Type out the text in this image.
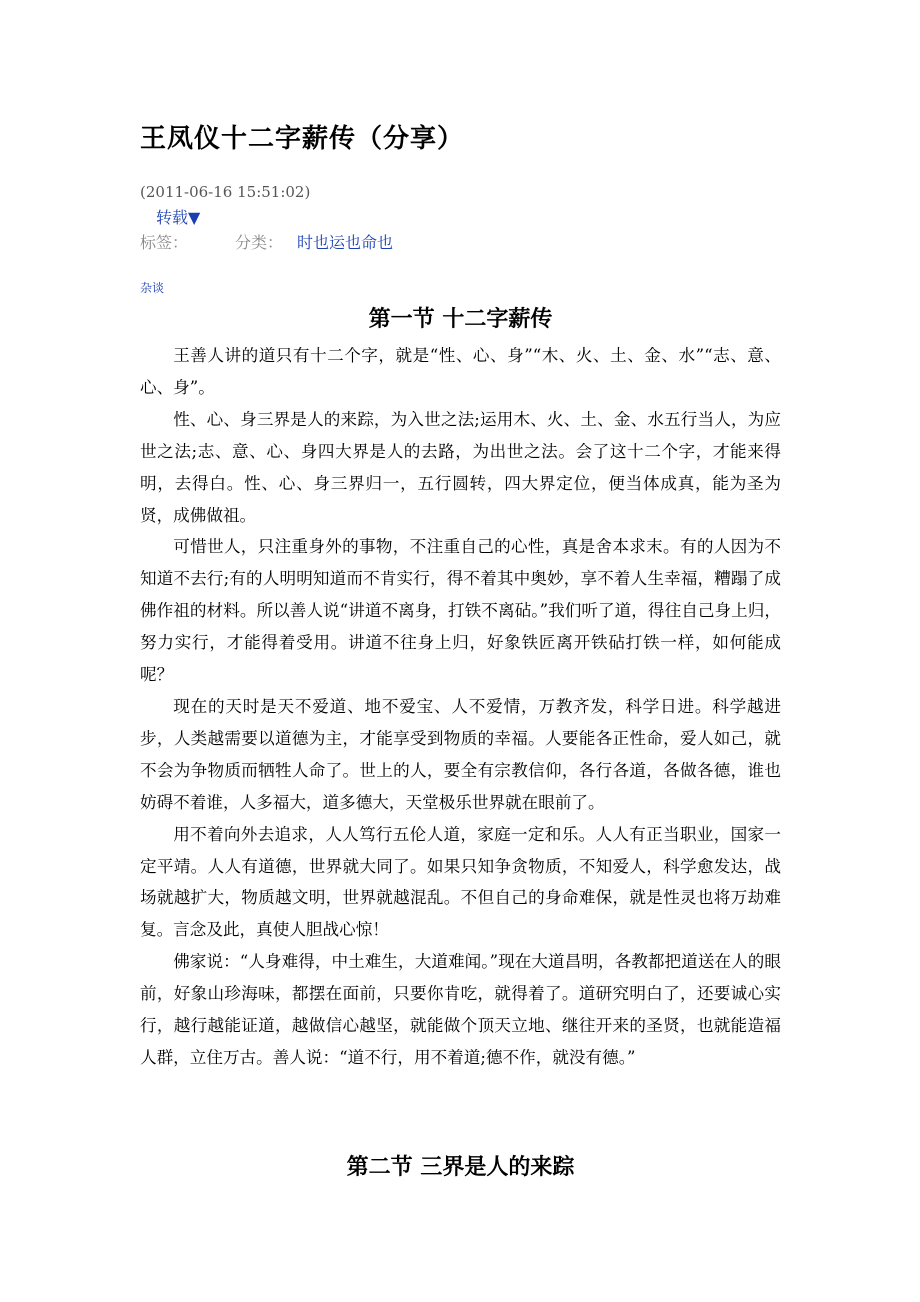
王凤仪十二字薪传（分享）
(2011-06-16 15:51:02)
转载▼
标签：	分类： 时也运也命也
杂谈
第一节 十二字薪传

王善人讲的道只有十二个字，就是“性、心、身”“木、火、土、金、水”“志、意、心、身”。

性、心、身三界是人的来踪，为入世之法;运用木、火、土、金、水五行当人，为应世之法;志、意、心、身四大界是人的去路，为出世之法。会了这十二个字，才能来得明，去得白。性、心、身三界归一，五行圆转，四大界定位，便当体成真，能为圣为贤，成佛做祖。

可惜世人，只注重身外的事物，不注重自己的心性，真是舍本求末。有的人因为不知道不去行;有的人明明知道而不肯实行，得不着其中奥妙，享不着人生幸福，糟蹋了成佛作祖的材料。所以善人说“讲道不离身，打铁不离砧。”我们听了道，得往自己身上归，努力实行，才能得着受用。讲道不往身上归，好象铁匠离开铁砧打铁一样，如何能成呢？

现在的天时是天不爱道、地不爱宝、人不爱情，万教齐发，科学日进。科学越进步，人类越需要以道德为主，才能享受到物质的幸福。人要能各正性命，爱人如己，就不会为争物质而牺牲人命了。世上的人，要全有宗教信仰，各行各道，各做各德，谁也妨碍不着谁，人多福大，道多德大，天堂极乐世界就在眼前了。

用不着向外去追求，人人笃行五伦人道，家庭一定和乐。人人有正当职业，国家一定平靖。人人有道德，世界就大同了。如果只知争贪物质，不知爱人，科学愈发达，战场就越扩大，物质越文明，世界就越混乱。不但自己的身命难保，就是性灵也将万劫难复。言念及此，真使人胆战心惊！

佛家说：“人身难得，中土难生，大道难闻。”现在大道昌明，各教都把道送在人的眼前，好象山珍海味，都摆在面前，只要你肯吃，就得着了。道研究明白了，还要诚心实行，越行越能证道，越做信心越坚，就能做个顶天立地、继往开来的圣贤，也就能造福人群，立住万古。善人说：“道不行，用不着道;德不作，就没有德。”

第二节 三界是人的来踪
